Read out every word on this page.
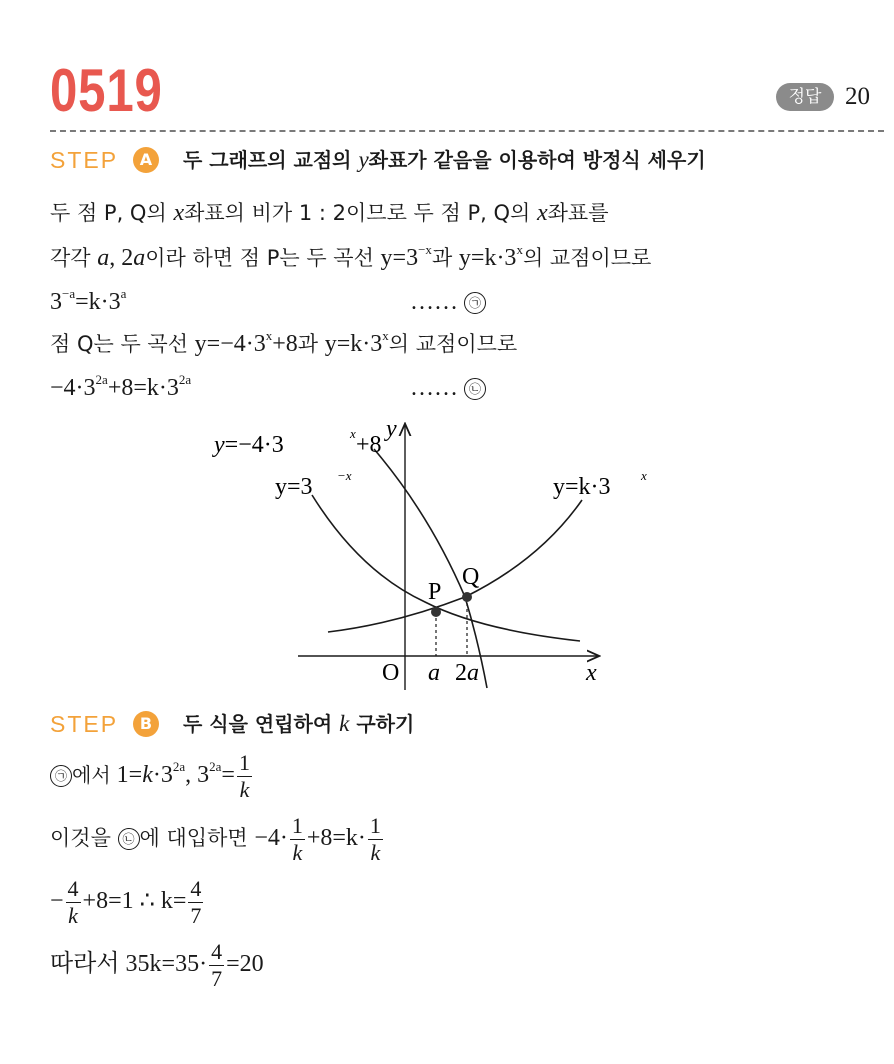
0519	정답 20
STEP	A	두 그래프의 교점의 y좌표가 같음을 이용하여 방정식 세우기
두 점 P, Q의 x좌표의 비가 1 : 2이므로 두 점 P, Q의 x좌표를
각각 a, 2a이라 하면 점 P는 두 곡선 $y=3^{-x}$과 $y=k\cdot 3^x$의 교점이므로
$3^{-a}=k\cdot 3^a$	…… ㉠
점 Q는 두 곡선 $y=-4\cdot 3^x+8$과 $y=k\cdot 3^x$의 교점이므로
$-4\cdot 3^{2a}+8=k\cdot 3^{2a}$	…… ㉡
y=−4·3	x +8
y=3 −x	y=k·3 x
y
x
O
P
Q
a 2a
STEP	B	두 식을 연립하여 k 구하기
㉠ 에서 $1=k\cdot 3^{2a}$, $3^{2a}= \frac{1}{k}$
이것을 ㉡ 에 대입하면 $-4\cdot \frac{1}{k} +8=k\cdot \frac{1}{k}$
− $\frac{4}{k} +8=1$ ∴ $k= \frac{4}{7}$
따라서 $35k=35\cdot \frac{4}{7} =20$
